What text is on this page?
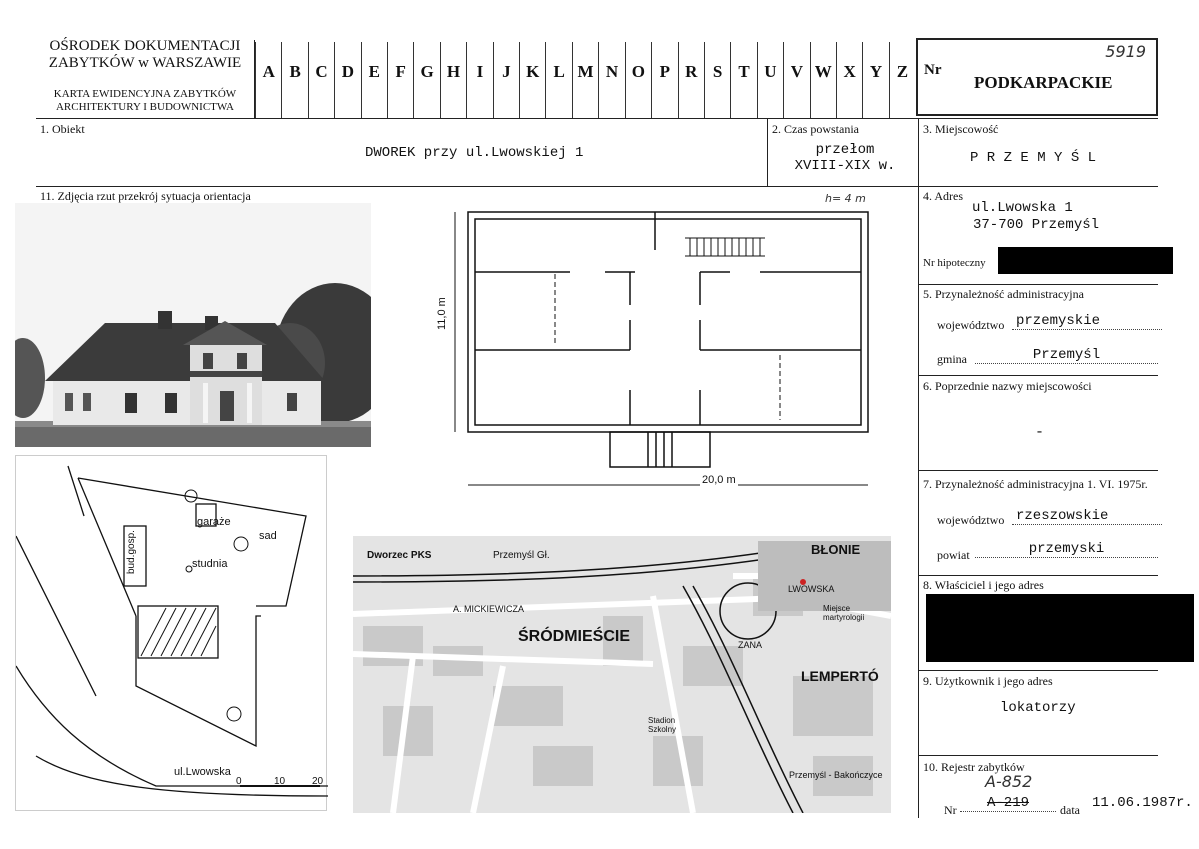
OŚRODEK DOKUMENTACJI
ZABYTKÓW w WARSZAWIE
KARTA EWIDENCYJNA ZABYTKÓW
ARCHITEKTURY I BUDOWNICTWA
A B C D E F G H I	J K L M N O P R S T U V W X Y Z	Nr
5919
PODKARPACKIE
1. Obiekt
DWOREK przy ul.Lwowskiej 1
2. Czas powstania
przełom
XVIII-XIX w.
3. Miejscowość
P R Z E M Y Ś L
11. Zdjęcia rzut przekrój sytuacja orientacja	4. Adres
ul.Lwowska 1
37-700 Przemyśl
Nr hipoteczny
5. Przynależność administracyjna
województwo przemyskie
gmina	Przemyśl
6. Poprzednie nazwy miejscowości
-
7. Przynależność administracyjna 1. VI. 1975r.
województwo rzeszowskie
powiat	przemyski
8. Właściciel i jego adres
9. Użytkownik i jego adres
lokatorzy
10. Rejestr zabytków
A-852
Nr	A-219	data 11.06.1987r.
h= 4 m
20,0 m
11,0 m
garaże
sad
studnia
bud.gosp.
ul.Lwowska
0	10	20
Dworzec PKS	Przemyśl Gł.
ŚRÓDMIEŚCIE
BŁONIE
LEMPERTÓ
A. MICKIEWICZA
LWOWSKA
ZANA
Miejsce martyrologii
Stadion Szkolny
Przemyśl - Bakończyce
